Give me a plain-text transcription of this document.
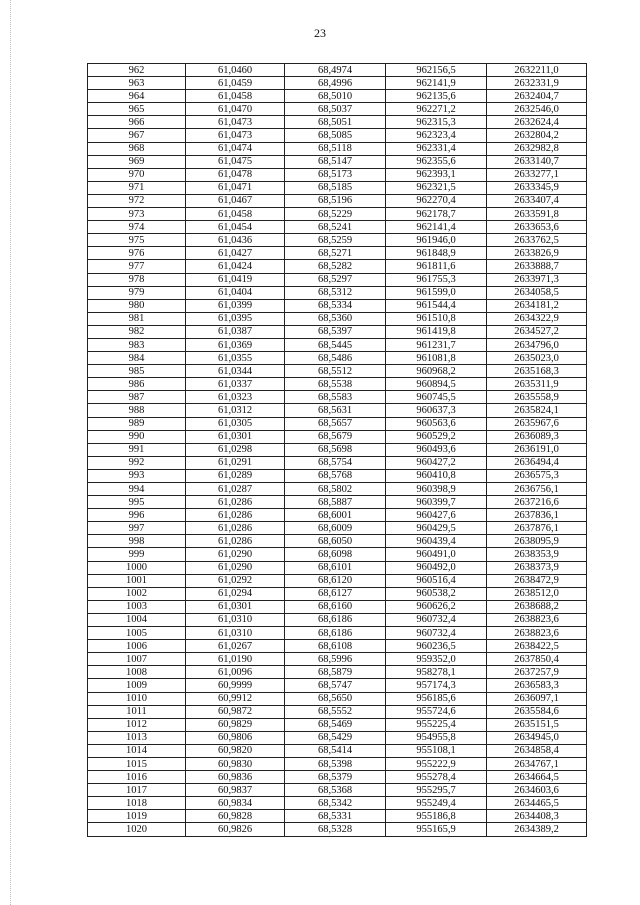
23
962	61,0460	68,4974	962156,5	2632211,0
963	61,0459	68,4996	962141,9	2632331,9
964	61,0458	68,5010	962135,6	2632404,7
965	61,0470	68,5037	962271,2	2632546,0
966	61,0473	68,5051	962315,3	2632624,4
967	61,0473	68,5085	962323,4	2632804,2
968	61,0474	68,5118	962331,4	2632982,8
969	61,0475	68,5147	962355,6	2633140,7
970	61,0478	68,5173	962393,1	2633277,1
971	61,0471	68,5185	962321,5	2633345,9
972	61,0467	68,5196	962270,4	2633407,4
973	61,0458	68,5229	962178,7	2633591,8
974	61,0454	68,5241	962141,4	2633653,6
975	61,0436	68,5259	961946,0	2633762,5
976	61,0427	68,5271	961848,9	2633826,9
977	61,0424	68,5282	961811,6	2633888,7
978	61,0419	68,5297	961755,3	2633971,3
979	61,0404	68,5312	961599,0	2634058,5
980	61,0399	68,5334	961544,4	2634181,2
981	61,0395	68,5360	961510,8	2634322,9
982	61,0387	68,5397	961419,8	2634527,2
983	61,0369	68,5445	961231,7	2634796,0
984	61,0355	68,5486	961081,8	2635023,0
985	61,0344	68,5512	960968,2	2635168,3
986	61,0337	68,5538	960894,5	2635311,9
987	61,0323	68,5583	960745,5	2635558,9
988	61,0312	68,5631	960637,3	2635824,1
989	61,0305	68,5657	960563,6	2635967,6
990	61,0301	68,5679	960529,2	2636089,3
991	61,0298	68,5698	960493,6	2636191,0
992	61,0291	68,5754	960427,2	2636494,4
993	61,0289	68,5768	960410,8	2636575,3
994	61,0287	68,5802	960398,9	2636756,1
995	61,0286	68,5887	960399,7	2637216,6
996	61,0286	68,6001	960427,6	2637836,1
997	61,0286	68,6009	960429,5	2637876,1
998	61,0286	68,6050	960439,4	2638095,9
999	61,0290	68,6098	960491,0	2638353,9
1000	61,0290	68,6101	960492,0	2638373,9
1001	61,0292	68,6120	960516,4	2638472,9
1002	61,0294	68,6127	960538,2	2638512,0
1003	61,0301	68,6160	960626,2	2638688,2
1004	61,0310	68,6186	960732,4	2638823,6
1005	61,0310	68,6186	960732,4	2638823,6
1006	61,0267	68,6108	960236,5	2638422,5
1007	61,0190	68,5996	959352,0	2637850,4
1008	61,0096	68,5879	958278,1	2637257,9
1009	60,9999	68,5747	957174,3	2636583,3
1010	60,9912	68,5650	956185,6	2636097,1
1011	60,9872	68,5552	955724,6	2635584,6
1012	60,9829	68,5469	955225,4	2635151,5
1013	60,9806	68,5429	954955,8	2634945,0
1014	60,9820	68,5414	955108,1	2634858,4
1015	60,9830	68,5398	955222,9	2634767,1
1016	60,9836	68,5379	955278,4	2634664,5
1017	60,9837	68,5368	955295,7	2634603,6
1018	60,9834	68,5342	955249,4	2634465,5
1019	60,9828	68,5331	955186,8	2634408,3
1020	60,9826	68,5328	955165,9	2634389,2
